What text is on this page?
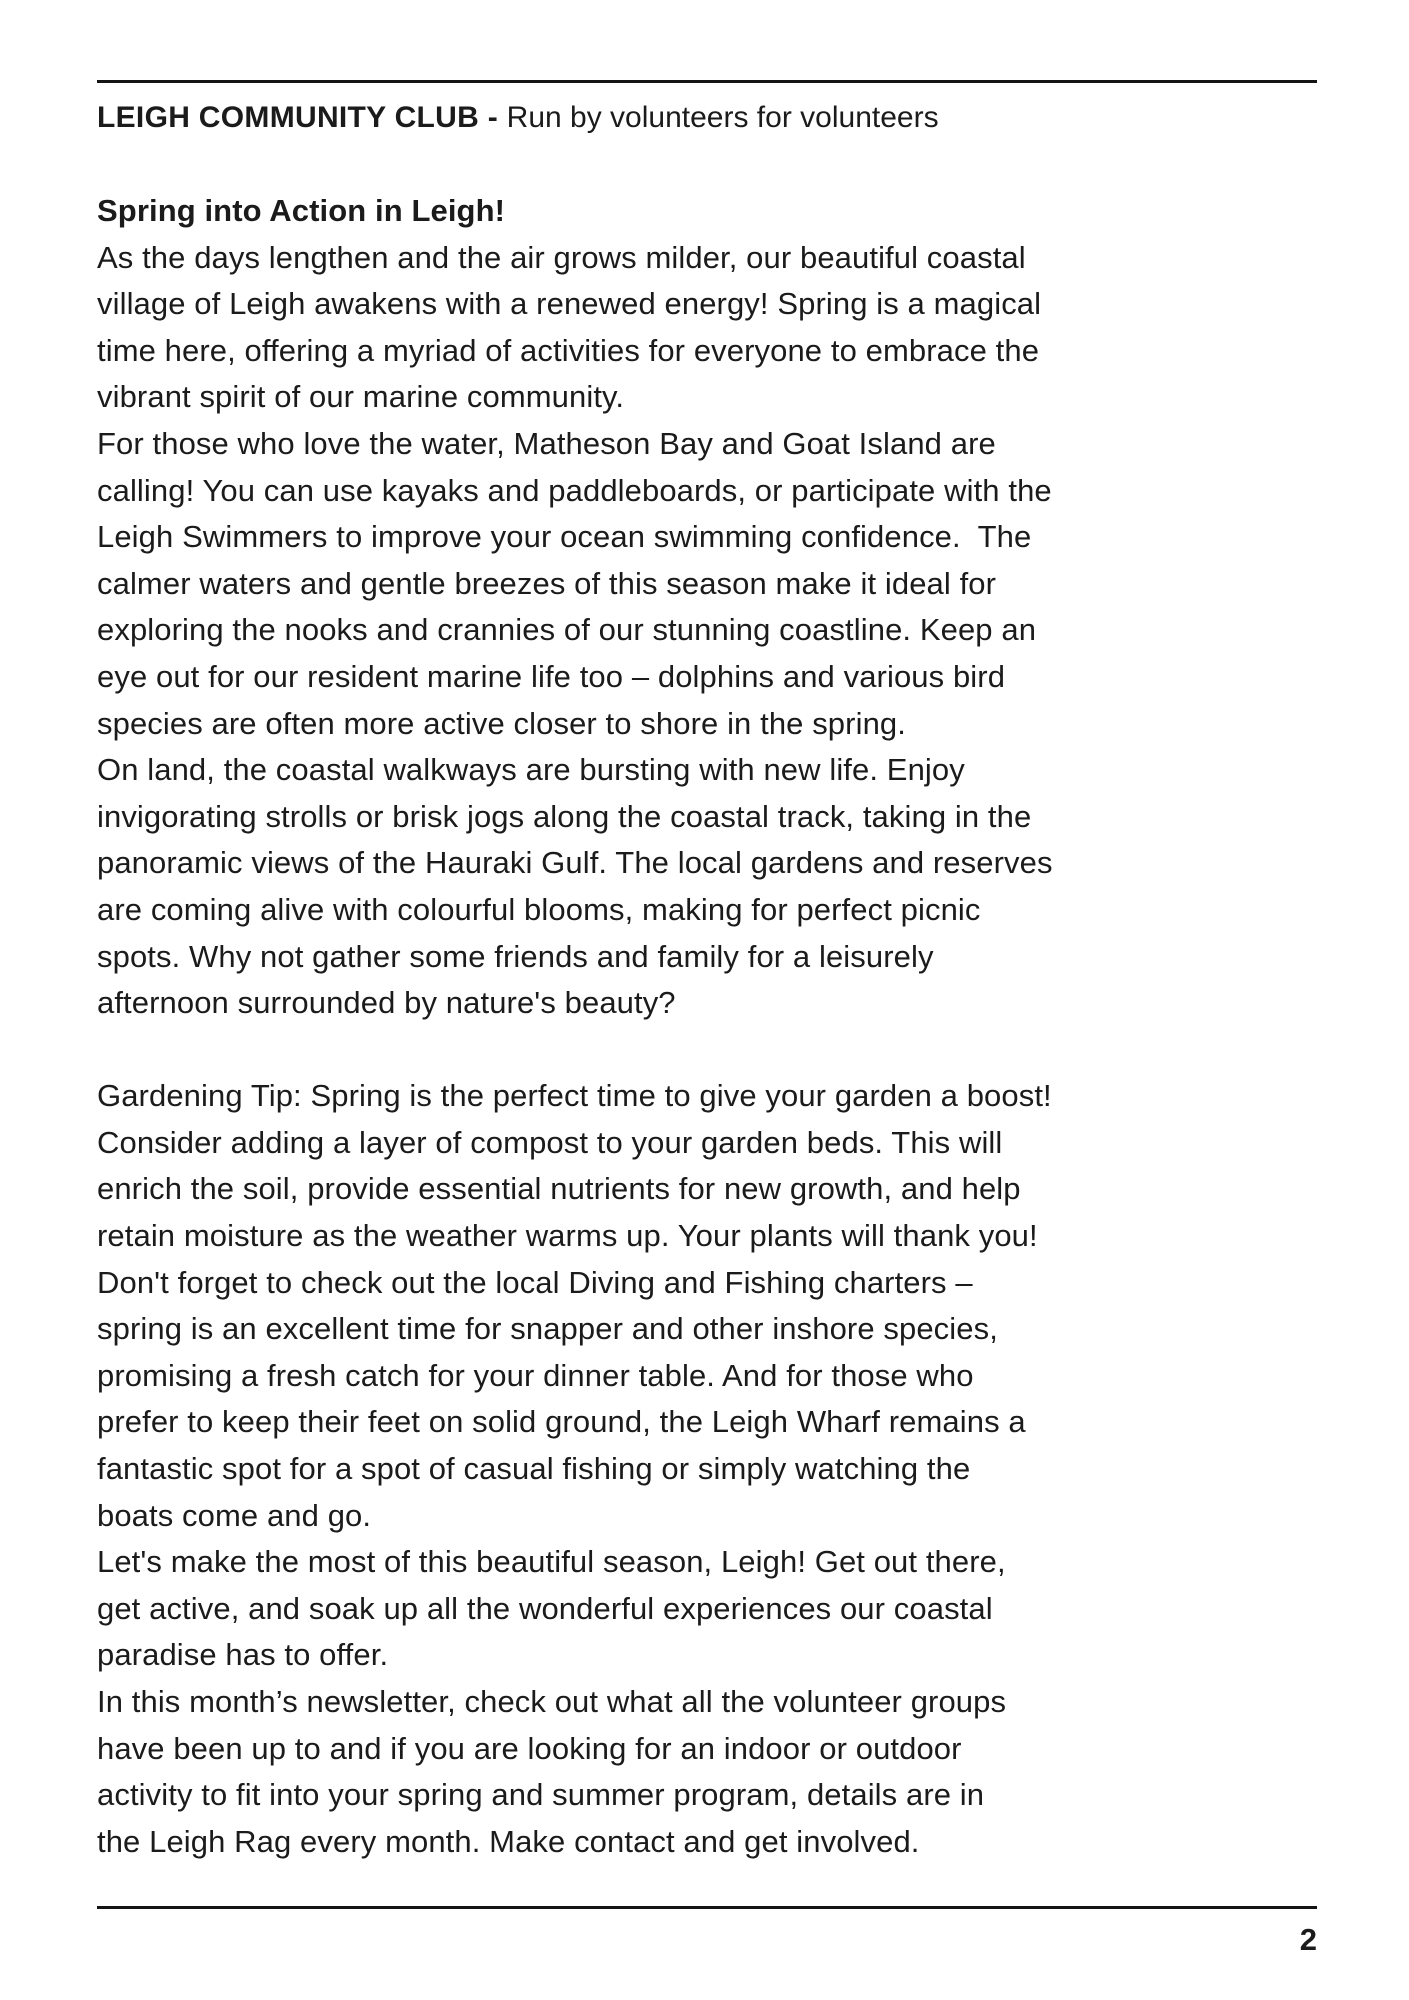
LEIGH COMMUNITY CLUB - Run by volunteers for volunteers
Spring into Action in Leigh!
As the days lengthen and the air grows milder, our beautiful coastal
village of Leigh awakens with a renewed energy! Spring is a magical
time here, offering a myriad of activities for everyone to embrace the
vibrant spirit of our marine community.
For those who love the water, Matheson Bay and Goat Island are
calling! You can use kayaks and paddleboards, or participate with the
Leigh Swimmers to improve your ocean swimming confidence.  The
calmer waters and gentle breezes of this season make it ideal for
exploring the nooks and crannies of our stunning coastline. Keep an
eye out for our resident marine life too – dolphins and various bird
species are often more active closer to shore in the spring.
On land, the coastal walkways are bursting with new life. Enjoy
invigorating strolls or brisk jogs along the coastal track, taking in the
panoramic views of the Hauraki Gulf. The local gardens and reserves
are coming alive with colourful blooms, making for perfect picnic
spots. Why not gather some friends and family for a leisurely
afternoon surrounded by nature's beauty?
Gardening Tip: Spring is the perfect time to give your garden a boost!
Consider adding a layer of compost to your garden beds. This will
enrich the soil, provide essential nutrients for new growth, and help
retain moisture as the weather warms up. Your plants will thank you!
Don't forget to check out the local Diving and Fishing charters –
spring is an excellent time for snapper and other inshore species,
promising a fresh catch for your dinner table. And for those who
prefer to keep their feet on solid ground, the Leigh Wharf remains a
fantastic spot for a spot of casual fishing or simply watching the
boats come and go.
Let's make the most of this beautiful season, Leigh! Get out there,
get active, and soak up all the wonderful experiences our coastal
paradise has to offer.
In this month’s newsletter, check out what all the volunteer groups
have been up to and if you are looking for an indoor or outdoor
activity to fit into your spring and summer program, details are in
the Leigh Rag every month. Make contact and get involved.
2
